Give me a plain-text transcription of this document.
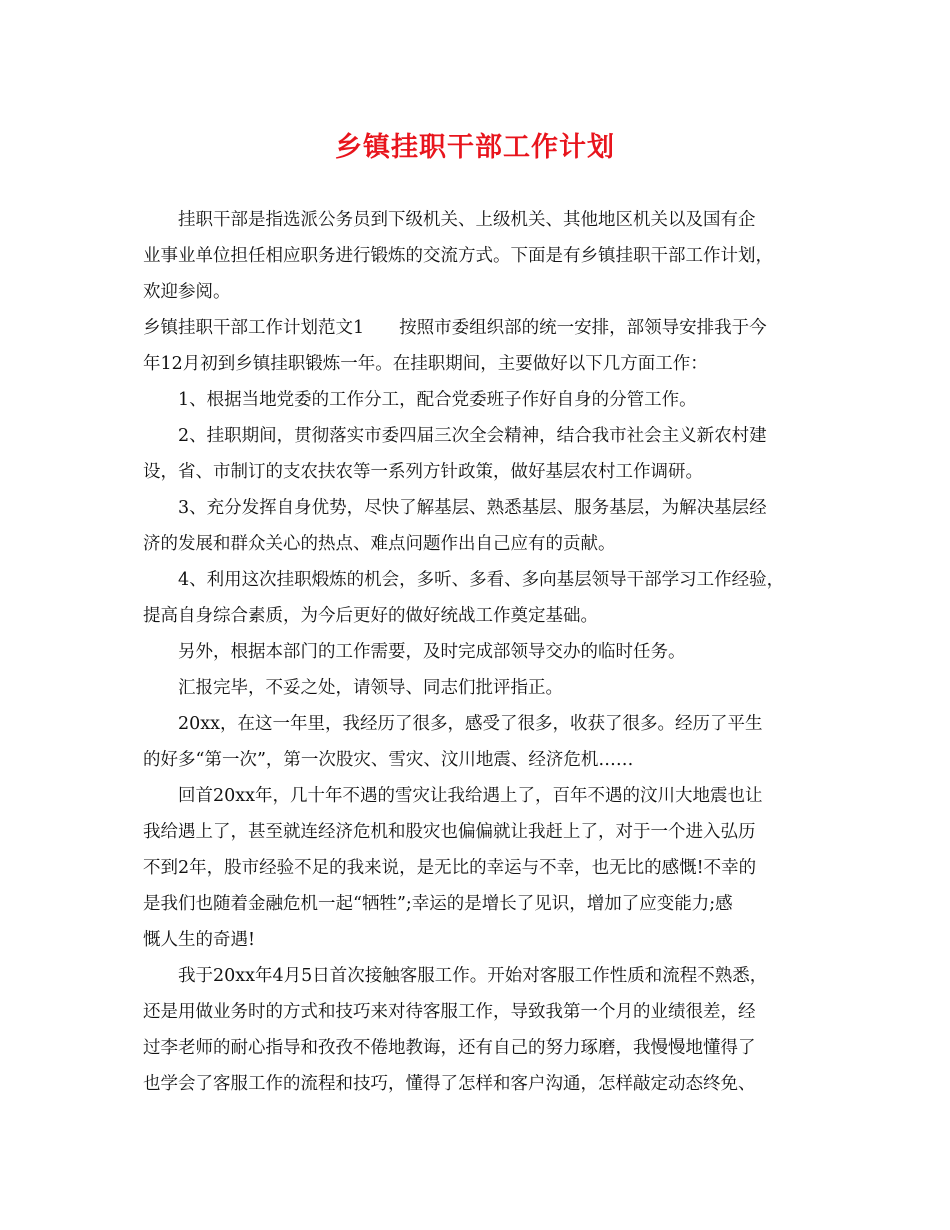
乡镇挂职干部工作计划

挂职干部是指选派公务员到下级机关、上级机关、其他地区机关以及国有企

业事业单位担任相应职务进行锻炼的交流方式。下面是有乡镇挂职干部工作计划，

欢迎参阅。

乡镇挂职干部工作计划范文1　　按照市委组织部的统一安排，部领导安排我于今

年12月初到乡镇挂职锻炼一年。在挂职期间，主要做好以下几方面工作：

1、根据当地党委的工作分工，配合党委班子作好自身的分管工作。

2、挂职期间，贯彻落实市委四届三次全会精神，结合我市社会主义新农村建

设，省、市制订的支农扶农等一系列方针政策，做好基层农村工作调研。

3、充分发挥自身优势，尽快了解基层、熟悉基层、服务基层，为解决基层经

济的发展和群众关心的热点、难点问题作出自己应有的贡献。

4、利用这次挂职煅炼的机会，多听、多看、多向基层领导干部学习工作经验，

提高自身综合素质，为今后更好的做好统战工作奠定基础。

另外，根据本部门的工作需要，及时完成部领导交办的临时任务。

汇报完毕，不妥之处，请领导、同志们批评指正。

20xx，在这一年里，我经历了很多，感受了很多，收获了很多。经历了平生

的好多“第一次”，第一次股灾、雪灾、汶川地震、经济危机……

回首20xx年，几十年不遇的雪灾让我给遇上了，百年不遇的汶川大地震也让

我给遇上了，甚至就连经济危机和股灾也偏偏就让我赶上了，对于一个进入弘历

不到2年，股市经验不足的我来说，是无比的幸运与不幸，也无比的感慨!不幸的

是我们也随着金融危机一起“牺牲”;幸运的是增长了见识，增加了应变能力;感

慨人生的奇遇!

我于20xx年4月5日首次接触客服工作。开始对客服工作性质和流程不熟悉，

还是用做业务时的方式和技巧来对待客服工作，导致我第一个月的业绩很差，经

过李老师的耐心指导和孜孜不倦地教诲，还有自己的努力琢磨，我慢慢地懂得了

也学会了客服工作的流程和技巧，懂得了怎样和客户沟通，怎样敲定动态终免、
